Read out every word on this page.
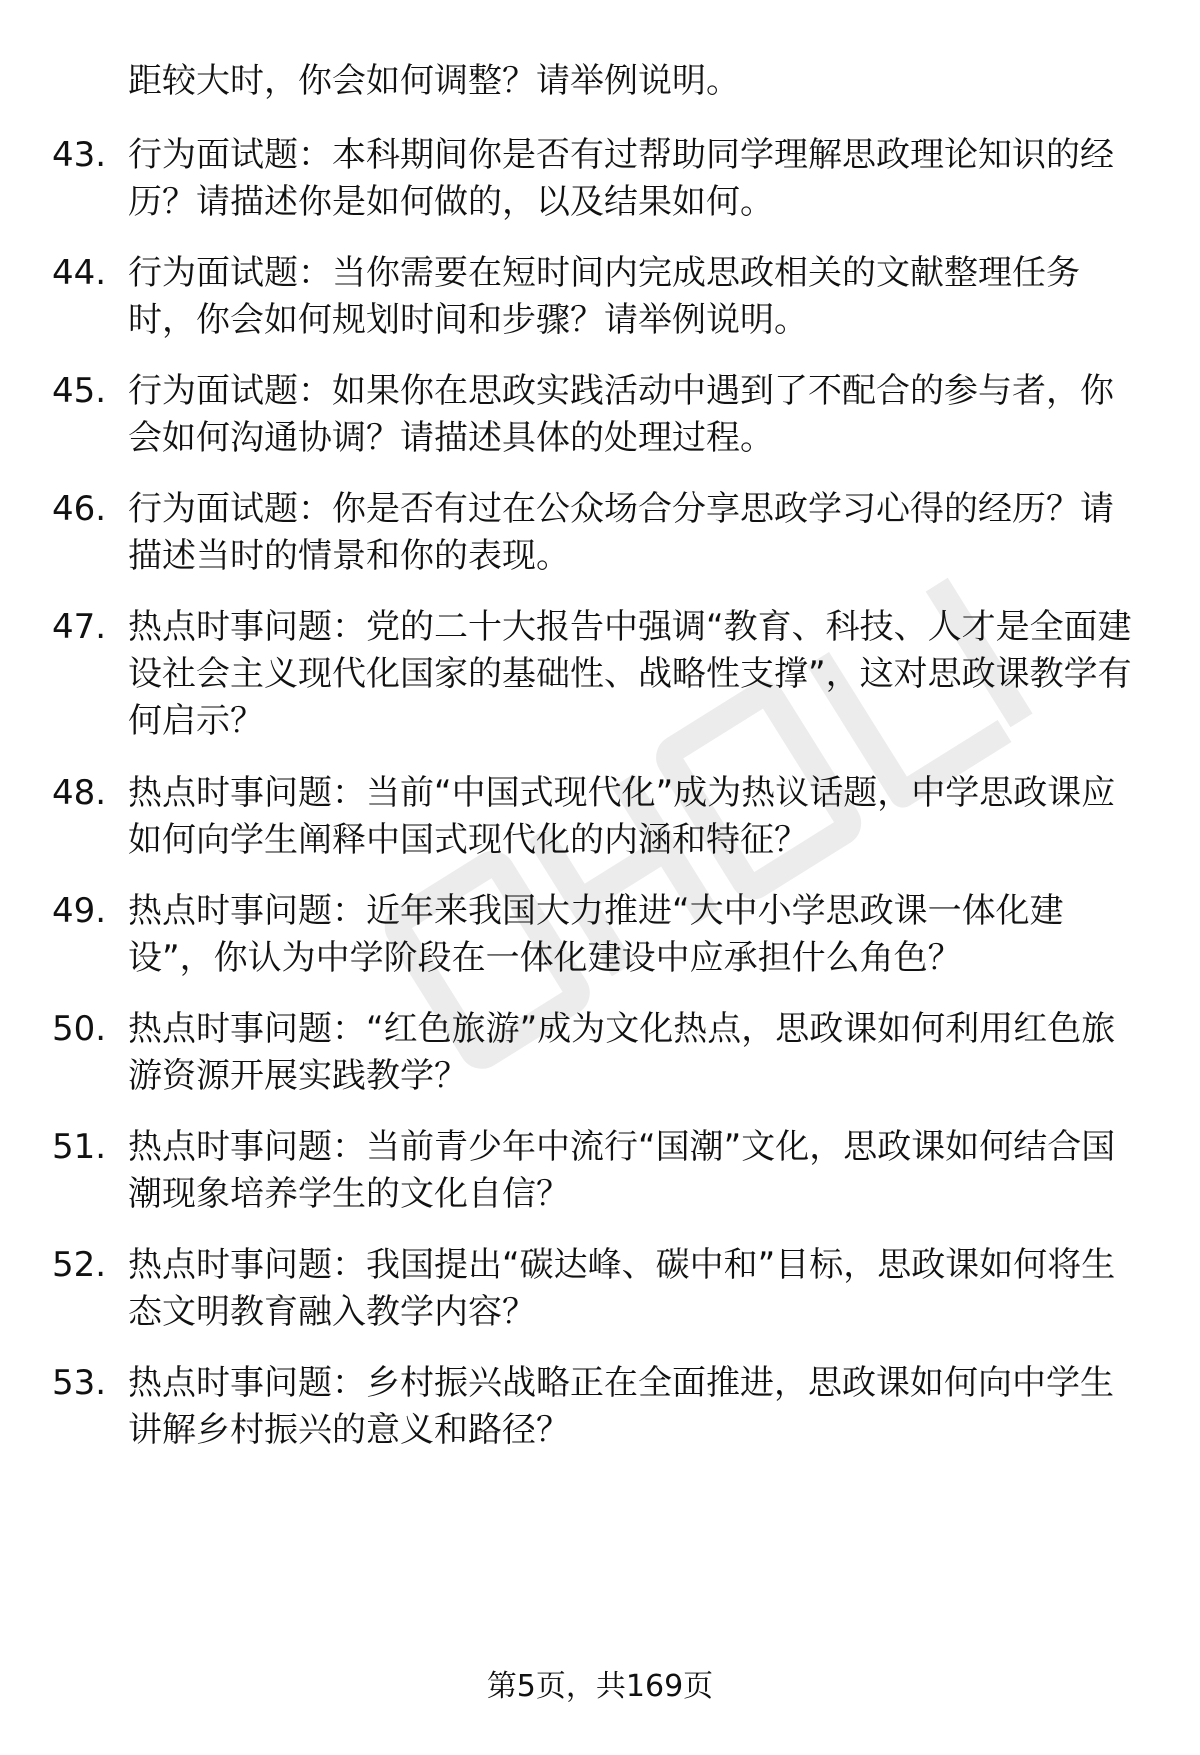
距较大时，你会如何调整？请举例说明。
43. 行为面试题：本科期间你是否有过帮助同学理解思政理论知识的经历？请描述你是如何做的，以及结果如何。
44. 行为面试题：当你需要在短时间内完成思政相关的文献整理任务时，你会如何规划时间和步骤？请举例说明。
45. 行为面试题：如果你在思政实践活动中遇到了不配合的参与者，你会如何沟通协调？请描述具体的处理过程。
46. 行为面试题：你是否有过在公众场合分享思政学习心得的经历？请描述当时的情景和你的表现。
47. 热点时事问题：党的二十大报告中强调“教育、科技、人才是全面建设社会主义现代化国家的基础性、战略性支撑”，这对思政课教学有何启示？
48. 热点时事问题：当前“中国式现代化”成为热议话题，中学思政课应如何向学生阐释中国式现代化的内涵和特征？
49. 热点时事问题：近年来我国大力推进“大中小学思政课一体化建设”，你认为中学阶段在一体化建设中应承担什么角色？
50. 热点时事问题：“红色旅游”成为文化热点，思政课如何利用红色旅游资源开展实践教学？
51. 热点时事问题：当前青少年中流行“国潮”文化，思政课如何结合国潮现象培养学生的文化自信？
52. 热点时事问题：我国提出“碳达峰、碳中和”目标，思政课如何将生态文明教育融入教学内容？
53. 热点时事问题：乡村振兴战略正在全面推进，思政课如何向中学生讲解乡村振兴的意义和路径？
第5页，共169页
